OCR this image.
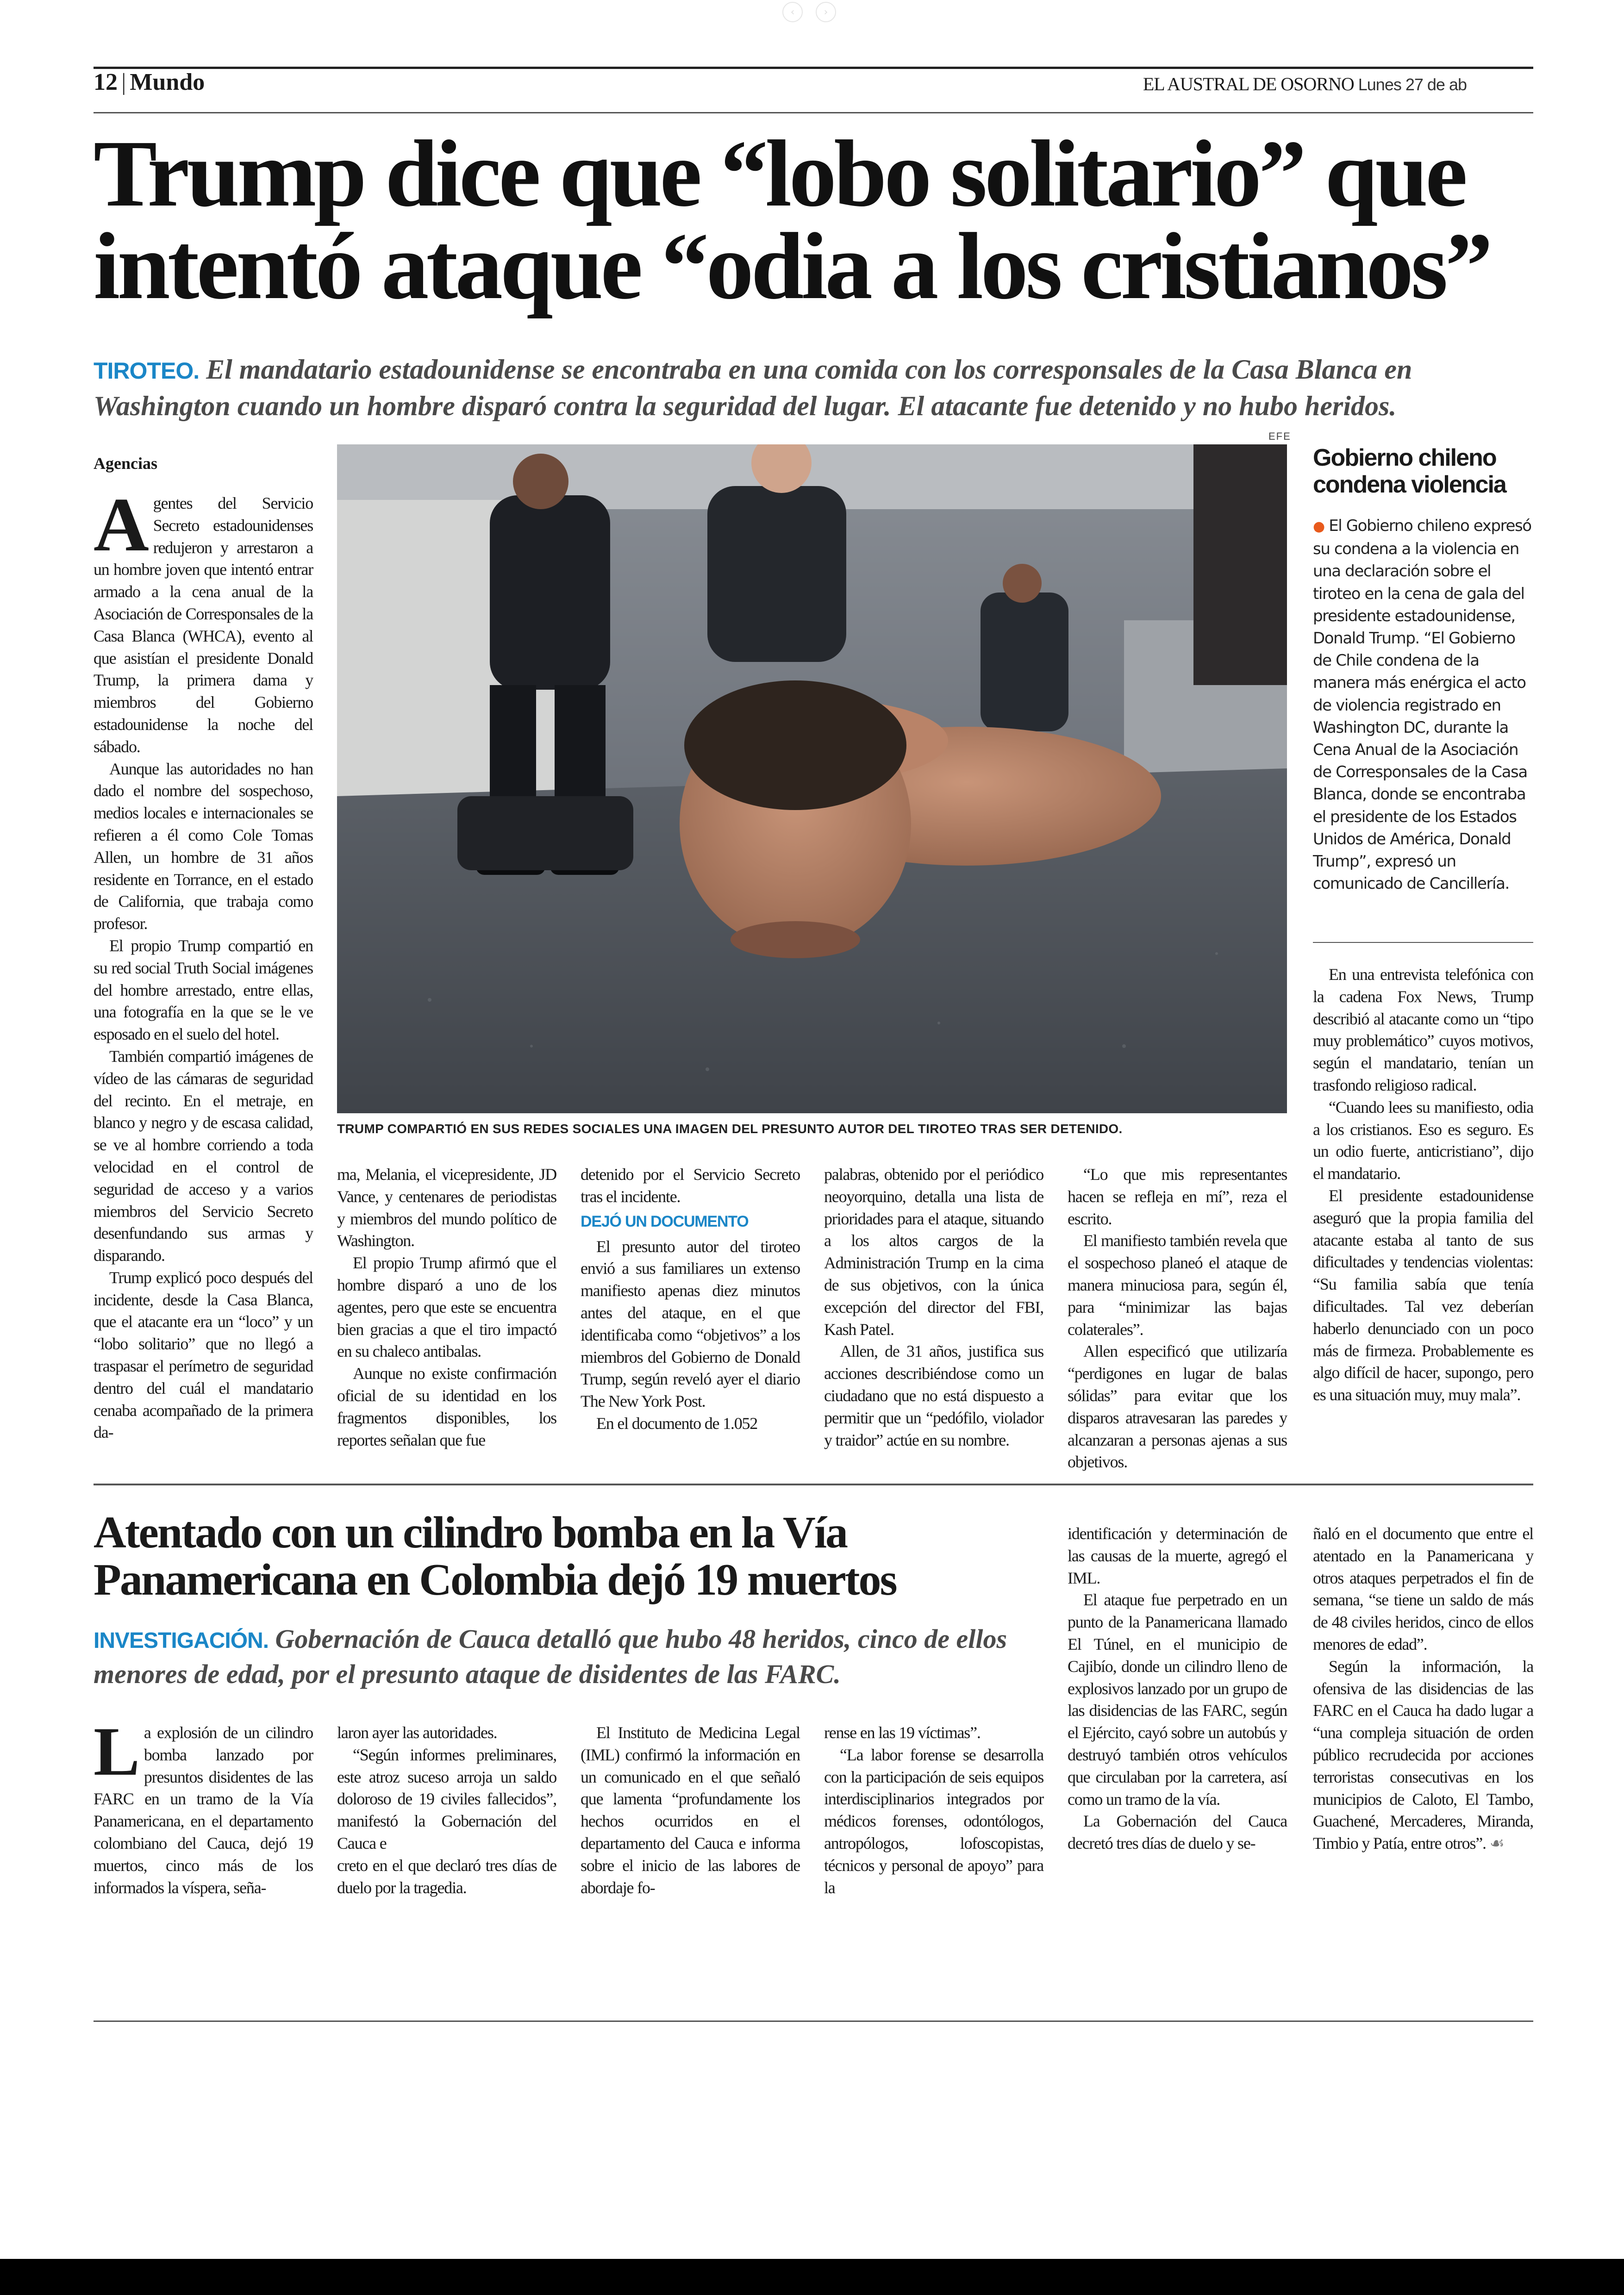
‹	›
12 | Mundo	EL AUSTRAL DE OSORNO Lunes 27 de ab
Trump dice que “lobo solitario” que intentó ataque “odia a los cristianos”

TIROTEO. El mandatario estadounidense se encontraba en una comida con los corresponsales de la Casa Blanca en

Washington cuando un hombre disparó contra la seguridad del lugar. El atacante fue detenido y no hubo heridos.

Agencias

Agentes del Servicio Secreto estadounidenses redujeron y arrestaron a un hombre joven que intentó entrar armado a la cena anual de la Asociación de Corresponsales de la Casa Blanca (WHCA), evento al que asistían el presidente Donald Trump, la primera dama y miembros del Gobierno estadounidense la noche del sábado.

Aunque las autoridades no han dado el nombre del sospechoso, medios locales e internacionales se refieren a él como Cole Tomas Allen, un hombre de 31 años residente en Torrance, en el estado de California, que trabaja como profesor.

El propio Trump compartió en su red social Truth Social imágenes del hombre arrestado, entre ellas, una fotografía en la que se le ve esposado en el suelo del hotel.

También compartió imágenes de vídeo de las cámaras de seguridad del recinto. En el metraje, en blanco y negro y de escasa calidad, se ve al hombre corriendo a toda velocidad en el control de seguridad de acceso y a varios miembros del Servicio Secreto desenfundando sus armas y disparando.

Trump explicó poco después del incidente, desde la Casa Blanca, que el atacante era un “loco” y un “lobo solitario” que no llegó a traspasar el perímetro de seguridad dentro del cuál el mandatario cenaba acompañado de la primera da-

EFE
TRUMP COMPARTIÓ EN SUS REDES SOCIALES UNA IMAGEN DEL PRESUNTO AUTOR DEL TIROTEO TRAS SER DETENIDO.

ma, Melania, el vicepresidente, JD Vance, y centenares de periodistas y miembros del mundo político de Washington.

El propio Trump afirmó que el hombre disparó a uno de los agentes, pero que este se encuentra bien gracias a que el tiro impactó en su chaleco antibalas.

Aunque no existe confirmación oficial de su identidad en los fragmentos disponibles, los reportes señalan que fue

detenido por el Servicio Secreto tras el incidente.

DEJÓ UN DOCUMENTO

El presunto autor del tiroteo envió a sus familiares un extenso manifiesto apenas diez minutos antes del ataque, en el que identificaba como “objetivos” a los miembros del Gobierno de Donald Trump, según reveló ayer el diario The New York Post.

En el documento de 1.052

palabras, obtenido por el periódico neoyorquino, detalla una lista de prioridades para el ataque, situando a los altos cargos de la Administración Trump en la cima de sus objetivos, con la única excepción del director del FBI, Kash Patel.

Allen, de 31 años, justifica sus acciones describiéndose como un ciudadano que no está dispuesto a permitir que un “pedófilo, violador y traidor” actúe en su nombre.

“Lo que mis representantes hacen se refleja en mí”, reza el escrito.

El manifiesto también revela que el sospechoso planeó el ataque de manera minuciosa para, según él, para “minimizar las bajas colaterales”.

Allen especificó que utilizaría “perdigones en lugar de balas sólidas” para evitar que los disparos atravesaran las paredes y alcanzaran a personas ajenas a sus objetivos.

Gobierno chileno condena violencia
● El Gobierno chileno expresó su condena a la violencia en una declaración sobre el tiroteo en la cena de gala del presidente estadounidense, Donald Trump. “El Gobierno de Chile condena de la manera más enérgica el acto de violencia registrado en Washington DC, durante la Cena Anual de la Asociación de Corresponsales de la Casa Blanca, donde se encontraba el presidente de los Estados Unidos de América, Donald Trump”, expresó un comunicado de Cancillería.

En una entrevista telefónica con la cadena Fox News, Trump describió al atacante como un “tipo muy problemático” cuyos motivos, según el mandatario, tenían un trasfondo religioso radical.

“Cuando lees su manifiesto, odia a los cristianos. Eso es seguro. Es un odio fuerte, anticristiano”, dijo el mandatario.

El presidente estadounidense aseguró que la propia familia del atacante estaba al tanto de sus dificultades y tendencias violentas: “Su familia sabía que tenía dificultades. Tal vez deberían haberlo denunciado con un poco más de firmeza. Probablemente es algo difícil de hacer, supongo, pero es una situación muy, muy mala”.

Atentado con un cilindro bomba en la Vía Panamericana en Colombia dejó 19 muertos

INVESTIGACIÓN. Gobernación de Cauca detalló que hubo 48 heridos, cinco de ellos

menores de edad, por el presunto ataque de disidentes de las FARC.

La explosión de un cilindro bomba lanzado por presuntos disidentes de las FARC en un tramo de la Vía Panamericana, en el departamento colombiano del Cauca, dejó 19 muertos, cinco más de los informados la víspera, seña-

laron ayer las autoridades.

“Según informes preliminares, este atroz suceso arroja un saldo doloroso de 19 civiles fallecidos”, manifestó la Gobernación del Cauca e

creto en el que declaró tres días de duelo por la tragedia.

El Instituto de Medicina Legal (IML) confirmó la información en un comunicado en el que señaló que lamenta “profundamente los hechos ocurridos en el departamento del Cauca e informa sobre el inicio de las labores de abordaje fo-

rense en las 19 víctimas”.

“La labor forense se desarrolla con la participación de seis equipos interdisciplinarios integrados por médicos forenses, odontólogos, antropólogos, lofoscopistas, técnicos y personal de apoyo” para la

identificación y determinación de las causas de la muerte, agregó el IML.

El ataque fue perpetrado en un punto de la Panamericana llamado El Túnel, en el municipio de Cajibío, donde un cilindro lleno de explosivos lanzado por un grupo de las disidencias de las FARC, según el Ejército, cayó sobre un autobús y destruyó también otros vehículos que circulaban por la carretera, así como un tramo de la vía.

La Gobernación del Cauca decretó tres días de duelo y se-

ñaló en el documento que entre el atentado en la Panamericana y otros ataques perpetrados el fin de semana, “se tiene un saldo de más de 48 civiles heridos, cinco de ellos menores de edad”.

Según la información, la ofensiva de las disidencias de las FARC en el Cauca ha dado lugar a “una compleja situación de orden público recrudecida por acciones terroristas consecutivas en los municipios de Caloto, El Tambo, Guachené, Mercaderes, Miranda, Timbio y Patía, entre otros”. ☙
